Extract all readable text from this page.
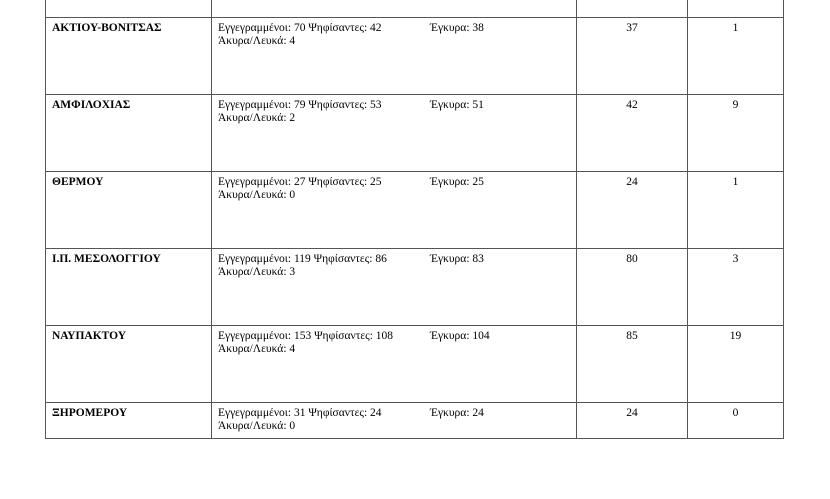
ΑΚΤΙΟΥ-ΒΟΝΙΤΣΑΣ	Εγγεγραμμένοι: 70 Ψηφίσαντες: 42 Έγκυρα: 38
Άκυρα/Λευκά: 4	37	1
ΑΜΦΙΛΟΧΙΑΣ	Εγγεγραμμένοι: 79 Ψηφίσαντες: 53 Έγκυρα: 51
Άκυρα/Λευκά: 2	42	9
ΘΕΡΜΟΥ	Εγγεγραμμένοι: 27 Ψηφίσαντες: 25 Έγκυρα: 25
Άκυρα/Λευκά: 0	24	1
Ι.Π. ΜΕΣΟΛΟΓΓΙΟΥ	Εγγεγραμμένοι: 119 Ψηφίσαντες: 86 Έγκυρα: 83
Άκυρα/Λευκά: 3	80	3
ΝΑΥΠΑΚΤΟΥ	Εγγεγραμμένοι: 153 Ψηφίσαντες: 108 Έγκυρα: 104
Άκυρα/Λευκά: 4	85	19
ΞΗΡΟΜΕΡΟΥ	Εγγεγραμμένοι: 31 Ψηφίσαντες: 24 Έγκυρα: 24
Άκυρα/Λευκά: 0	24	0
